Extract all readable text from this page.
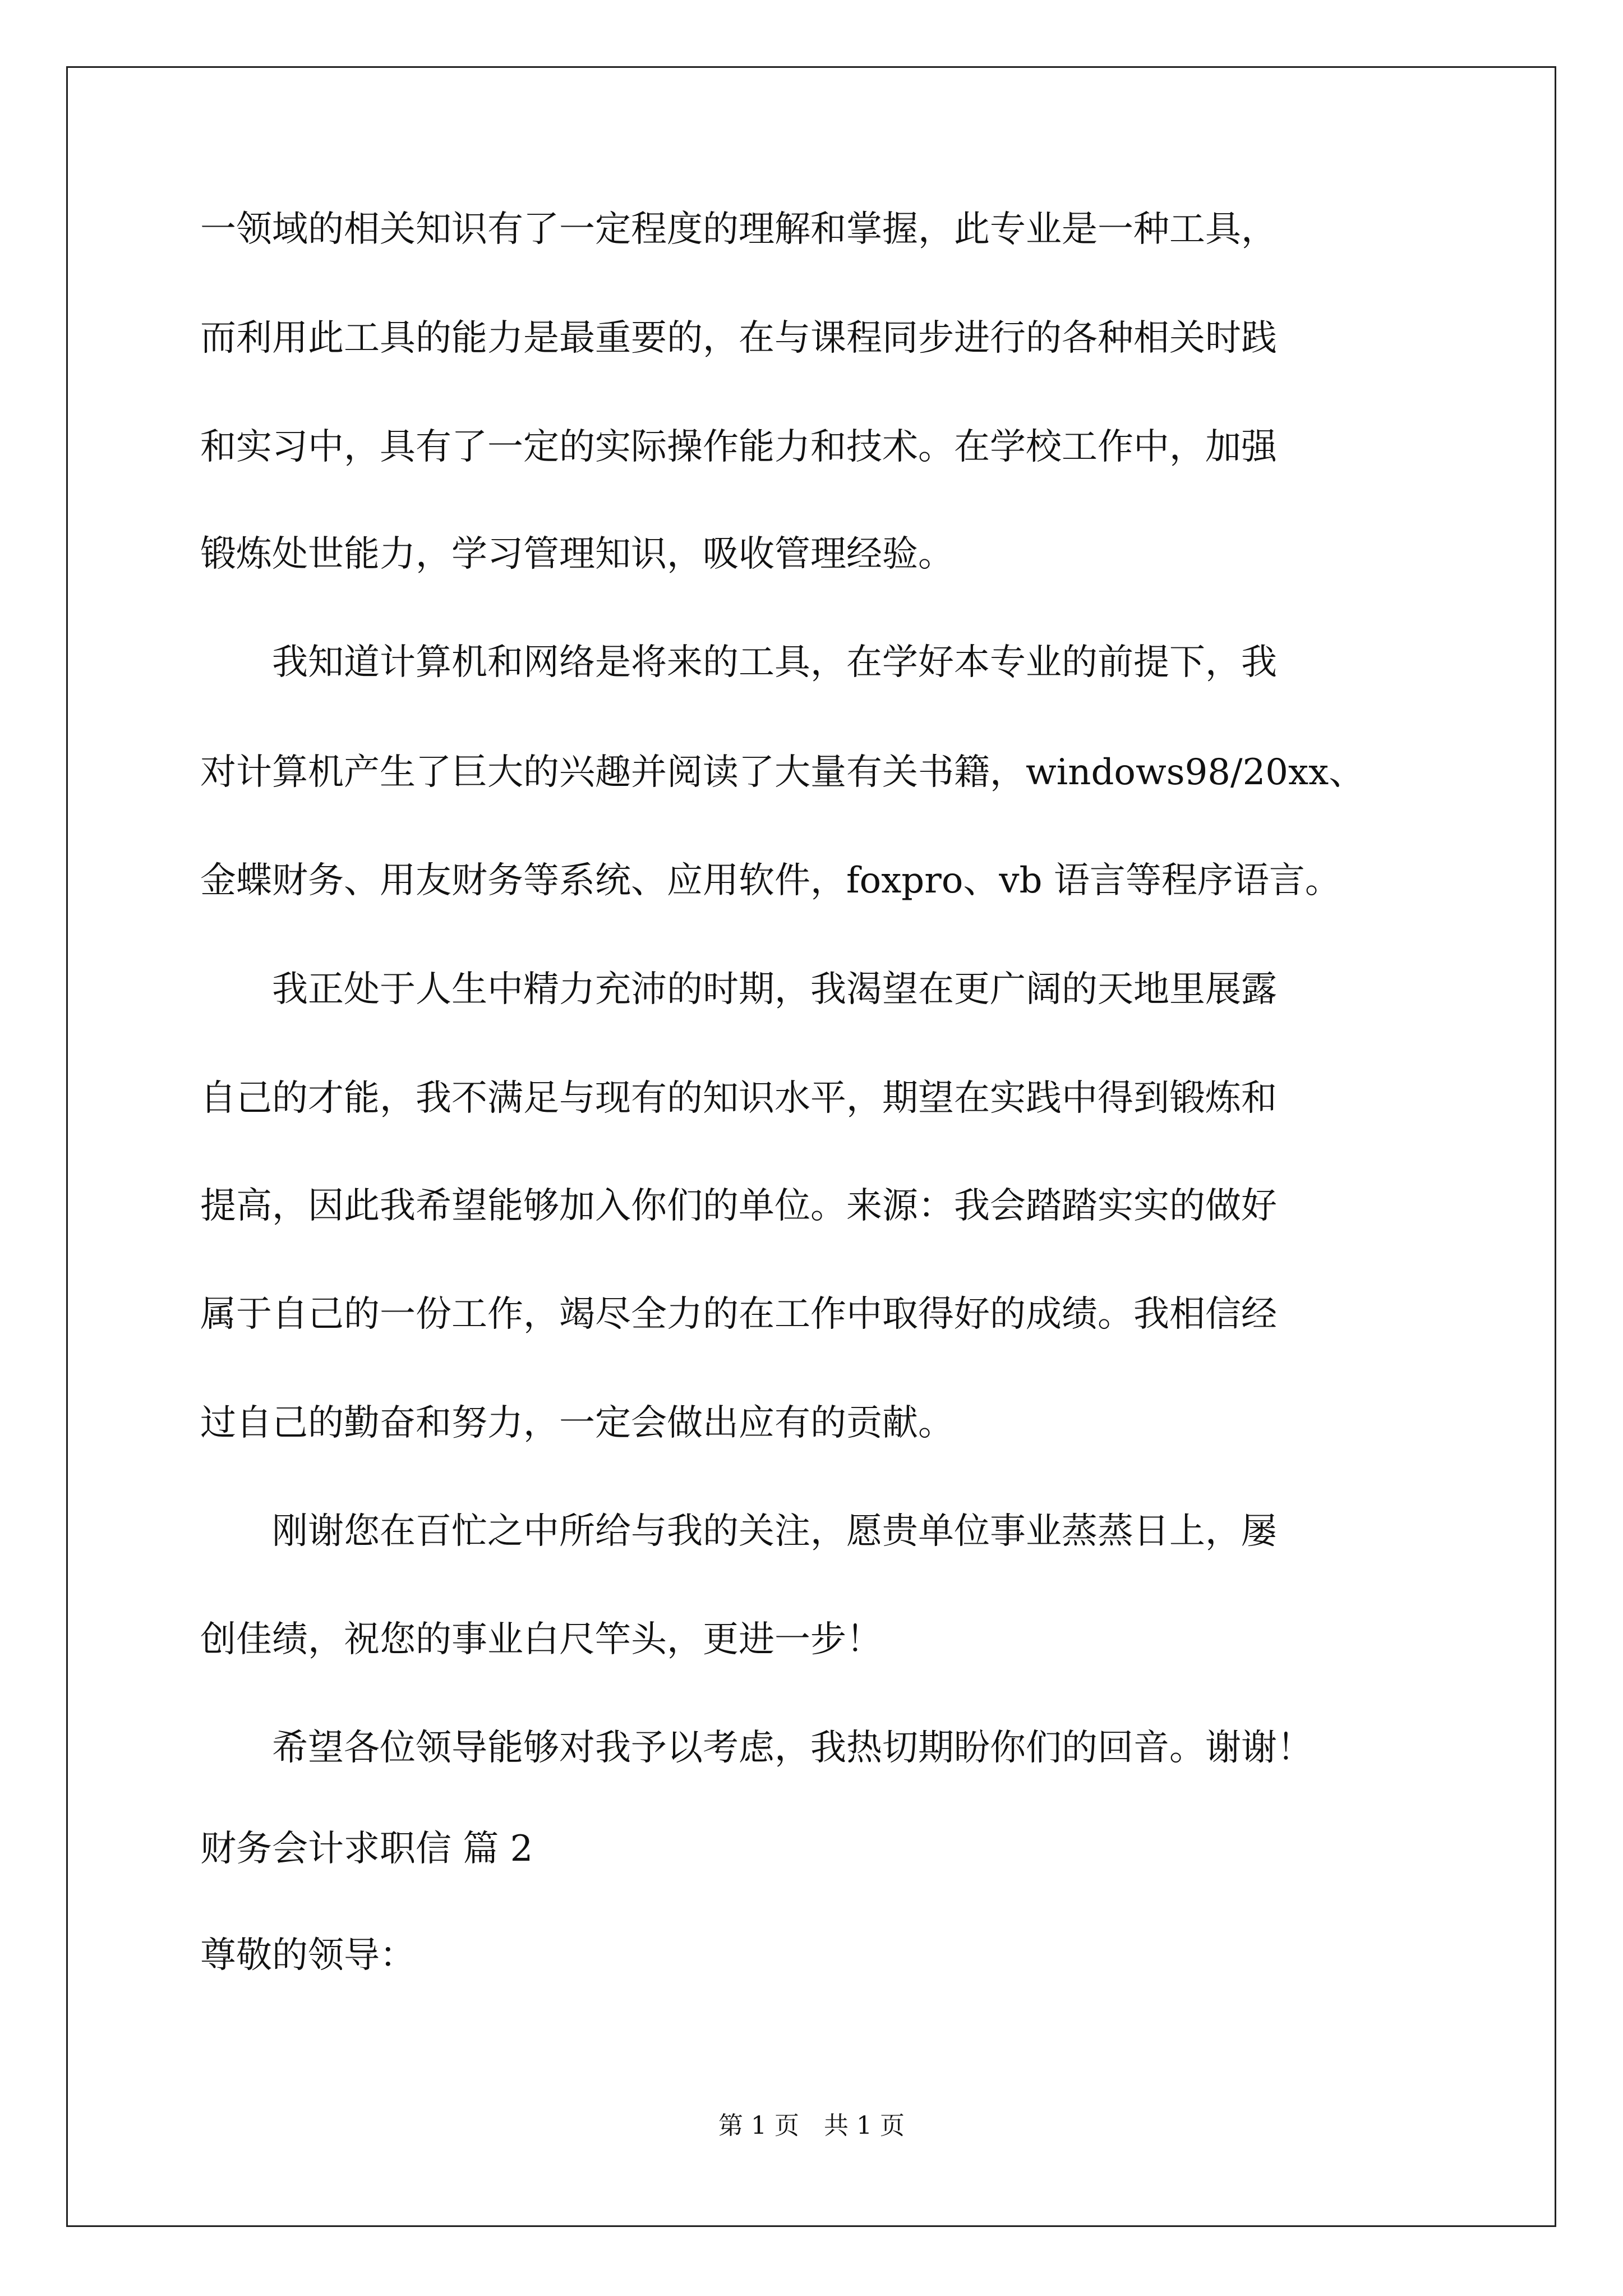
一领域的相关知识有了一定程度的理解和掌握，此专业是一种工具，
而利用此工具的能力是最重要的，在与课程同步进行的各种相关时践
和实习中，具有了一定的实际操作能力和技术。在学校工作中，加强
锻炼处世能力，学习管理知识，吸收管理经验。
　　我知道计算机和网络是将来的工具，在学好本专业的前提下，我
对计算机产生了巨大的兴趣并阅读了大量有关书籍，windows98/20xx、
金蝶财务、用友财务等系统、应用软件，foxpro、vb 语言等程序语言。
　　我正处于人生中精力充沛的时期，我渴望在更广阔的天地里展露
自己的才能，我不满足与现有的知识水平，期望在实践中得到锻炼和
提高，因此我希望能够加入你们的单位。来源：我会踏踏实实的做好
属于自己的一份工作，竭尽全力的在工作中取得好的成绩。我相信经
过自己的勤奋和努力，一定会做出应有的贡献。
　　刚谢您在百忙之中所给与我的关注，愿贵单位事业蒸蒸日上，屡
创佳绩，祝您的事业白尺竿头，更进一步！
　　希望各位领导能够对我予以考虑，我热切期盼你们的回音。谢谢！
财务会计求职信 篇 2
尊敬的领导：
第 1 页　共 1 页
